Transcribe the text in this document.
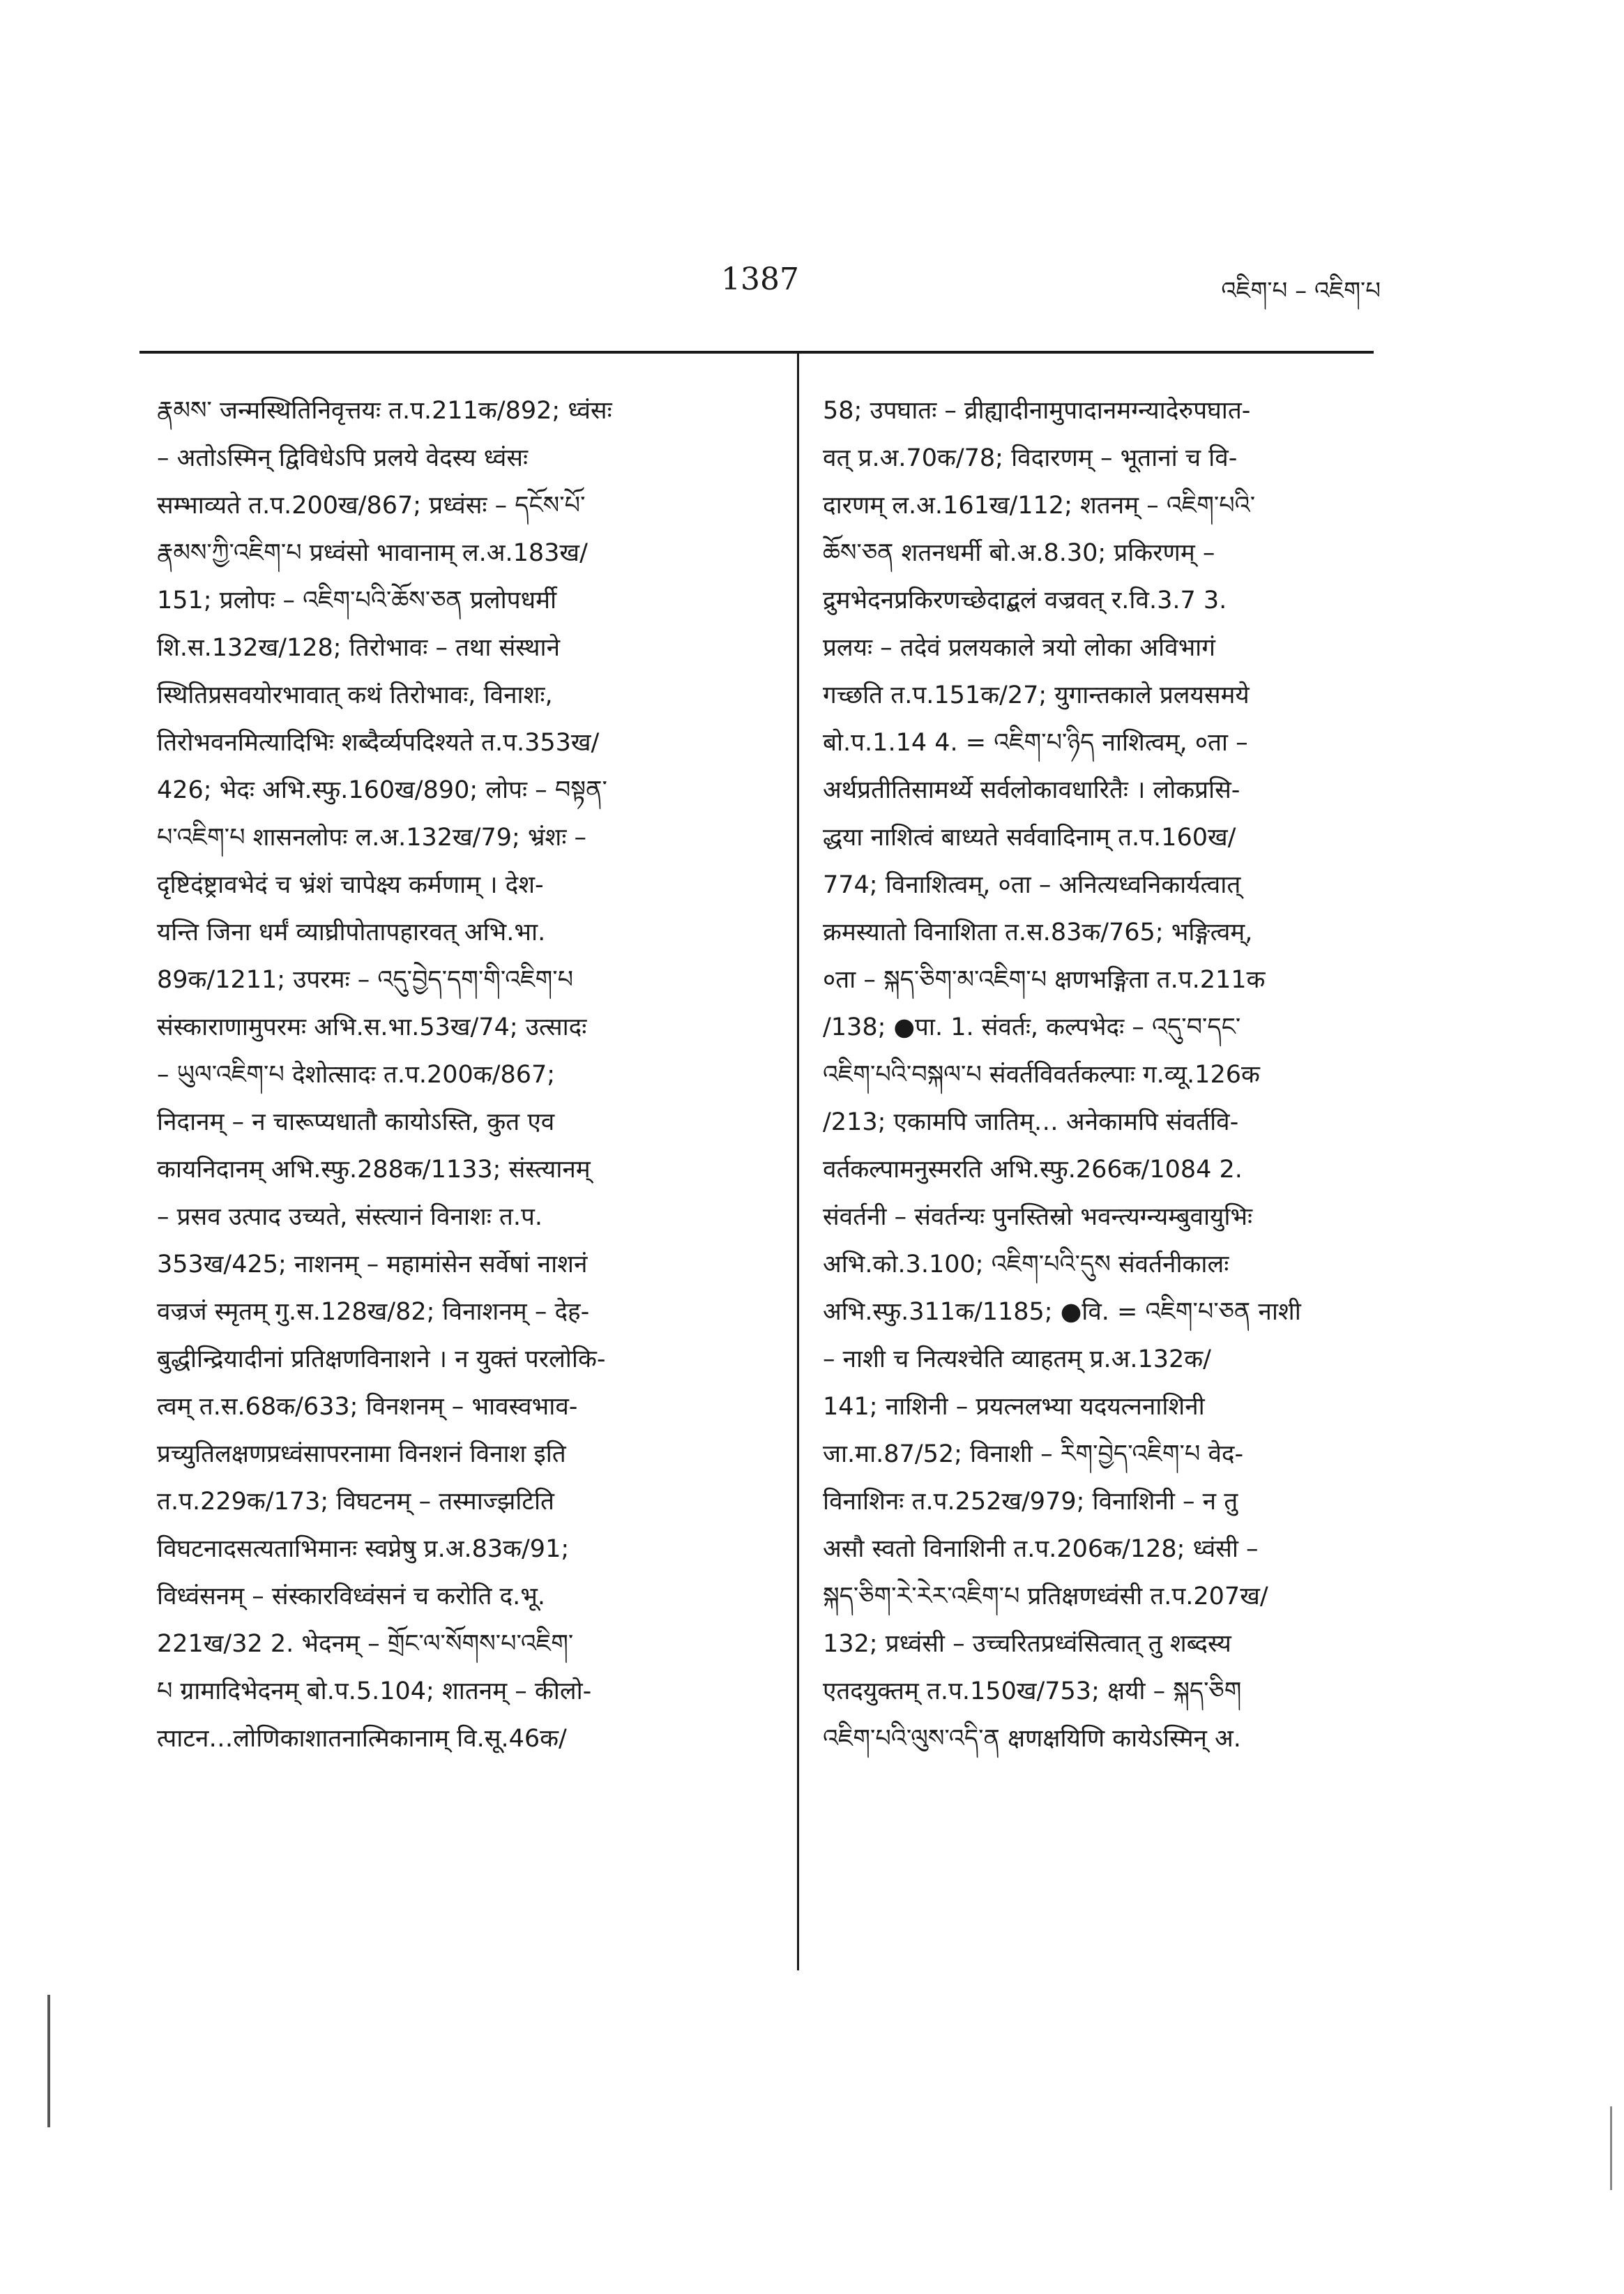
1387	འཇིག་པ – འཇིག་པ
རྣམས་ जन्मस्थितिनिवृत्तयः त.प.211क/892; ध्वंसः
– अतोऽस्मिन् द्विविधेऽपि प्रलये वेदस्य ध्वंसः
सम्भाव्यते त.प.200ख/867; प्रध्वंसः – དངོས་པོ་
རྣམས་ཀྱི་འཇིག་པ प्रध्वंसो भावानाम् ल.अ.183ख/
151; प्रलोपः – འཇིག་པའི་ཆོས་ཅན प्रलोपधर्मी
शि.स.132ख/128; तिरोभावः – तथा संस्थाने
स्थितिप्रसवयोरभावात् कथं तिरोभावः, विनाशः,
तिरोभवनमित्यादिभिः शब्दैर्व्यपदिश्यते त.प.353ख/
426; भेदः अभि.स्फु.160ख/890; लोपः – བསྟན་
པ་འཇིག་པ शासनलोपः ल.अ.132ख/79; भ्रंशः –
दृष्टिदंष्ट्रावभेदं च भ्रंशं चापेक्ष्य कर्मणाम् । देश-
यन्ति जिना धर्मं व्याघ्रीपोतापहारवत् अभि.भा.
89क/1211; उपरमः – འདུ་བྱེད་དག་གི་འཇིག་པ
संस्काराणामुपरमः अभि.स.भा.53ख/74; उत्सादः
– ཡུལ་འཇིག་པ देशोत्सादः त.प.200क/867;
निदानम् – न चारूप्यधातौ कायोऽस्ति, कुत एव
कायनिदानम् अभि.स्फु.288क/1133; संस्त्यानम्
– प्रसव उत्पाद उच्यते, संस्त्यानं विनाशः त.प.
353ख/425; नाशनम् – महामांसेन सर्वेषां नाशनं
वज्रजं स्मृतम् गु.स.128ख/82; विनाशनम् – देह-
बुद्धीन्द्रियादीनां प्रतिक्षणविनाशने । न युक्तं परलोकि-
त्वम् त.स.68क/633; विनशनम् – भावस्वभाव-
प्रच्युतिलक्षणप्रध्वंसापरनामा विनशनं विनाश इति
त.प.229क/173; विघटनम् – तस्माज्झटिति
विघटनादसत्यताभिमानः स्वप्नेषु प्र.अ.83क/91;
विध्वंसनम् – संस्कारविध्वंसनं च करोति द.भू.
221ख/32 2. भेदनम् – གྲོང་ལ་སོགས་པ་འཇིག་
པ ग्रामादिभेदनम् बो.प.5.104; शातनम् – कीलो-
त्पाटन…लोणिकाशातनात्मिकानाम् वि.सू.46क/
58; उपघातः – व्रीह्यादीनामुपादानमग्न्यादेरुपघात-
वत् प्र.अ.70क/78; विदारणम् – भूतानां च वि-
दारणम् ल.अ.161ख/112; शतनम् – འཇིག་པའི་
ཆོས་ཅན शतनधर्मी बो.अ.8.30; प्रकिरणम् –
द्रुमभेदनप्रकिरणच्छेदाद्बलं वज्रवत् र.वि.3.7 3.
प्रलयः – तदेवं प्रलयकाले त्रयो लोका अविभागं
गच्छति त.प.151क/27; युगान्तकाले प्रलयसमये
बो.प.1.14 4. = འཇིག་པ་ཉིད नाशित्वम्, ०ता –
अर्थप्रतीतिसामर्थ्ये सर्वलोकावधारितैः । लोकप्रसि-
द्धया नाशित्वं बाध्यते सर्ववादिनाम् त.प.160ख/
774; विनाशित्वम्, ०ता – अनित्यध्वनिकार्यत्वात्
क्रमस्यातो विनाशिता त.स.83क/765; भङ्गित्वम्,
०ता – སྐད་ཅིག་མ་འཇིག་པ क्षणभङ्गिता त.प.211क
/138; ●पा. 1. संवर्तः, कल्पभेदः – འདུ་བ་དང་
འཇིག་པའི་བསྐལ་པ संवर्तविवर्तकल्पाः ग.व्यू.126क
/213; एकामपि जातिम्… अनेकामपि संवर्तवि-
वर्तकल्पामनुस्मरति अभि.स्फु.266क/1084 2.
संवर्तनी – संवर्तन्यः पुनस्तिस्रो भवन्त्यग्न्यम्बुवायुभिः
अभि.को.3.100; འཇིག་པའི་དུས संवर्तनीकालः
अभि.स्फु.311क/1185; ●वि. = འཇིག་པ་ཅན नाशी
– नाशी च नित्यश्चेति व्याहतम् प्र.अ.132क/
141; नाशिनी – प्रयत्नलभ्या यदयत्ननाशिनी
जा.मा.87/52; विनाशी – རིག་བྱེད་འཇིག་པ वेद-
विनाशिनः त.प.252ख/979; विनाशिनी – न तु
असौ स्वतो विनाशिनी त.प.206क/128; ध्वंसी –
སྐད་ཅིག་རེ་རེར་འཇིག་པ प्रतिक्षणध्वंसी त.प.207ख/
132; प्रध्वंसी – उच्चरितप्रध्वंसित्वात् तु शब्दस्य
एतदयुक्तम् त.प.150ख/753; क्षयी – སྐད་ཅིག
འཇིག་པའི་ལུས་འདི་ན क्षणक्षयिणि कायेऽस्मिन् अ.
